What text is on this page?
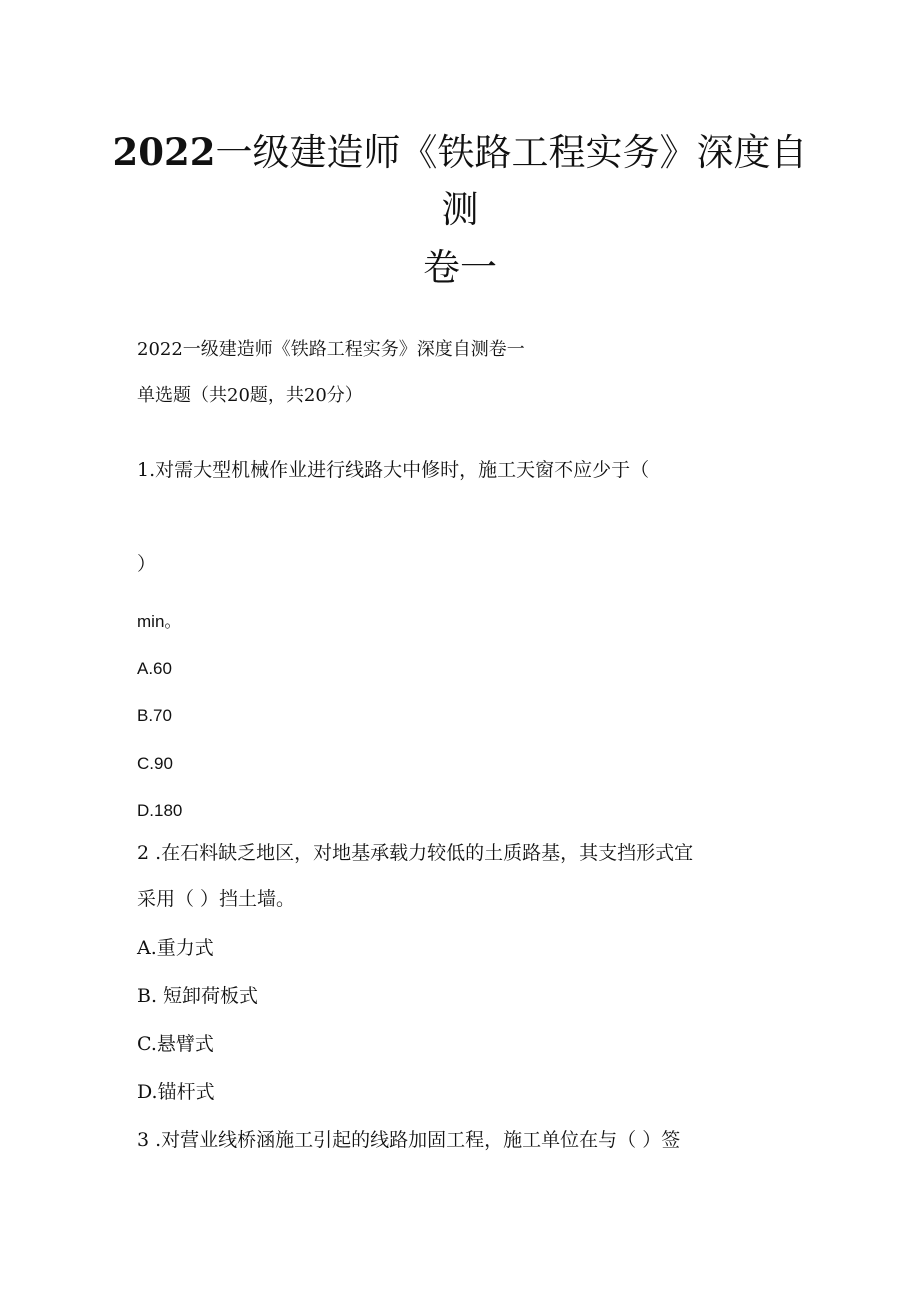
2022一级建造师《铁路工程实务》深度自
测
卷一
2022一级建造师《铁路工程实务》深度自测卷一
单选题（共20题，共20分）
1.对需大型机械作业进行线路大中修时，施工天窗不应少于（
）
min。
A.60
B.70
C.90
D.180
2 .在石料缺乏地区，对地基承载力较低的土质路基，其支挡形式宜
采用（ ）挡土墙。
A.重力式
B. 短卸荷板式
C.悬臂式
D.锚杆式
3 .对营业线桥涵施工引起的线路加固工程，施工单位在与（ ）签
